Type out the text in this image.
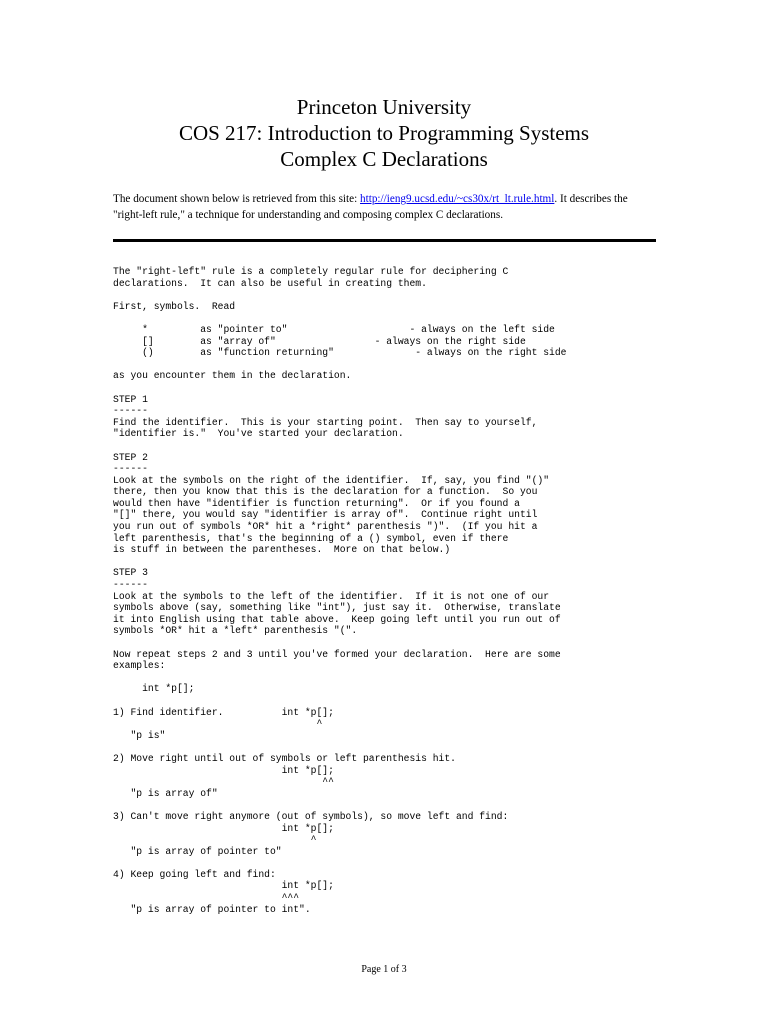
Princeton University
COS 217: Introduction to Programming Systems
Complex C Declarations
The document shown below is retrieved from this site: http://ieng9.ucsd.edu/~cs30x/rt_lt.rule.html. It describes the "right-left rule," a technique for understanding and composing complex C declarations.
The "right-left" rule is a completely regular rule for deciphering C
declarations.  It can also be useful in creating them.
First, symbols.  Read
*         as "pointer to"                     - always on the left side
[]        as "array of"                 - always on the right side
()        as "function returning"              - always on the right side
as you encounter them in the declaration.
STEP 1
------
Find the identifier.  This is your starting point.  Then say to yourself,
"identifier is."  You've started your declaration.
STEP 2
------
Look at the symbols on the right of the identifier.  If, say, you find "()"
there, then you know that this is the declaration for a function.  So you
would then have "identifier is function returning".  Or if you found a
"[]" there, you would say "identifier is array of".  Continue right until
you run out of symbols *OR* hit a *right* parenthesis ")".  (If you hit a
left parenthesis, that's the beginning of a () symbol, even if there
is stuff in between the parentheses.  More on that below.)
STEP 3
------
Look at the symbols to the left of the identifier.  If it is not one of our
symbols above (say, something like "int"), just say it.  Otherwise, translate
it into English using that table above.  Keep going left until you run out of
symbols *OR* hit a *left* parenthesis "(".
Now repeat steps 2 and 3 until you've formed your declaration.  Here are some
examples:
int *p[];
1) Find identifier.          int *p[];
^
"p is"
2) Move right until out of symbols or left parenthesis hit.
int *p[];
^^
"p is array of"
3) Can't move right anymore (out of symbols), so move left and find:
int *p[];
^
"p is array of pointer to"
4) Keep going left and find:
int *p[];
^^^
"p is array of pointer to int".
Page 1 of 3
